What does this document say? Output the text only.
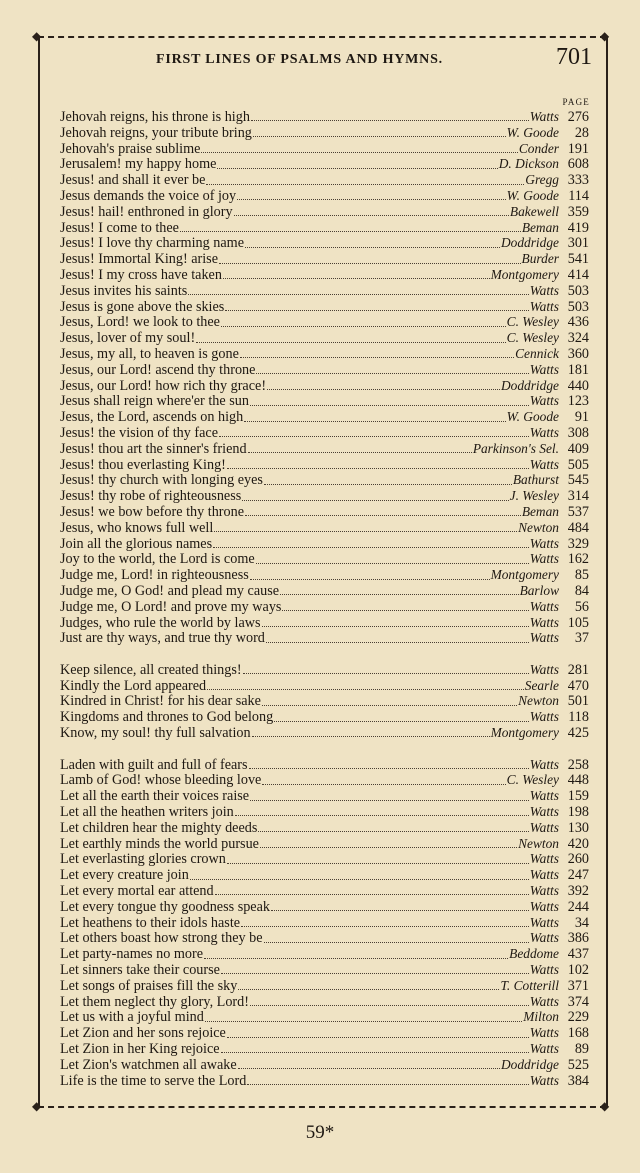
◆	◆
◆	◆
FIRST LINES OF PSALMS AND HYMNS.	701
PAGE
Jehovah reigns, his throne is high	Watts 276
Jehovah reigns, your tribute bring	W. Goode	28
Jehovah's praise sublime	Conder 191
Jerusalem! my happy home	D. Dickson 608
Jesus! and shall it ever be	Gregg 333
Jesus demands the voice of joy	W. Goode 114
Jesus! hail! enthroned in glory	Bakewell 359
Jesus! I come to thee	Beman 419
Jesus! I love thy charming name	Doddridge 301
Jesus! Immortal King! arise	Burder 541
Jesus! I my cross have taken	Montgomery 414
Jesus invites his saints	Watts 503
Jesus is gone above the skies	Watts 503
Jesus, Lord! we look to thee	C. Wesley 436
Jesus, lover of my soul!	C. Wesley 324
Jesus, my all, to heaven is gone	Cennick 360
Jesus, our Lord! ascend thy throne	Watts 181
Jesus, our Lord! how rich thy grace!	Doddridge 440
Jesus shall reign where'er the sun	Watts 123
Jesus, the Lord, ascends on high	W. Goode	91
Jesus! the vision of thy face	Watts 308
Jesus! thou art the sinner's friend	Parkinson's Sel. 409
Jesus! thou everlasting King!	Watts 505
Jesus! thy church with longing eyes	Bathurst 545
Jesus! thy robe of righteousness	J. Wesley 314
Jesus! we bow before thy throne	Beman 537
Jesus, who knows full well	Newton 484
Join all the glorious names	Watts 329
Joy to the world, the Lord is come	Watts 162
Judge me, Lord! in righteousness	Montgomery	85
Judge me, O God! and plead my cause	Barlow	84
Judge me, O Lord! and prove my ways	Watts	56
Judges, who rule the world by laws	Watts 105
Just are thy ways, and true thy word	Watts	37
Keep silence, all created things!	Watts 281
Kindly the Lord appeared	Searle 470
Kindred in Christ! for his dear sake	Newton 501
Kingdoms and thrones to God belong	Watts 118
Know, my soul! thy full salvation	Montgomery 425
Laden with guilt and full of fears	Watts 258
Lamb of God! whose bleeding love	C. Wesley 448
Let all the earth their voices raise	Watts 159
Let all the heathen writers join	Watts 198
Let children hear the mighty deeds	Watts 130
Let earthly minds the world pursue	Newton 420
Let everlasting glories crown	Watts 260
Let every creature join	Watts 247
Let every mortal ear attend	Watts 392
Let every tongue thy goodness speak	Watts 244
Let heathens to their idols haste	Watts	34
Let others boast how strong they be	Watts 386
Let party-names no more	Beddome 437
Let sinners take their course	Watts 102
Let songs of praises fill the sky	T. Cotterill 371
Let them neglect thy glory, Lord!	Watts 374
Let us with a joyful mind	Milton 229
Let Zion and her sons rejoice	Watts 168
Let Zion in her King rejoice	Watts	89
Let Zion's watchmen all awake	Doddridge 525
Life is the time to serve the Lord	Watts 384
59*
